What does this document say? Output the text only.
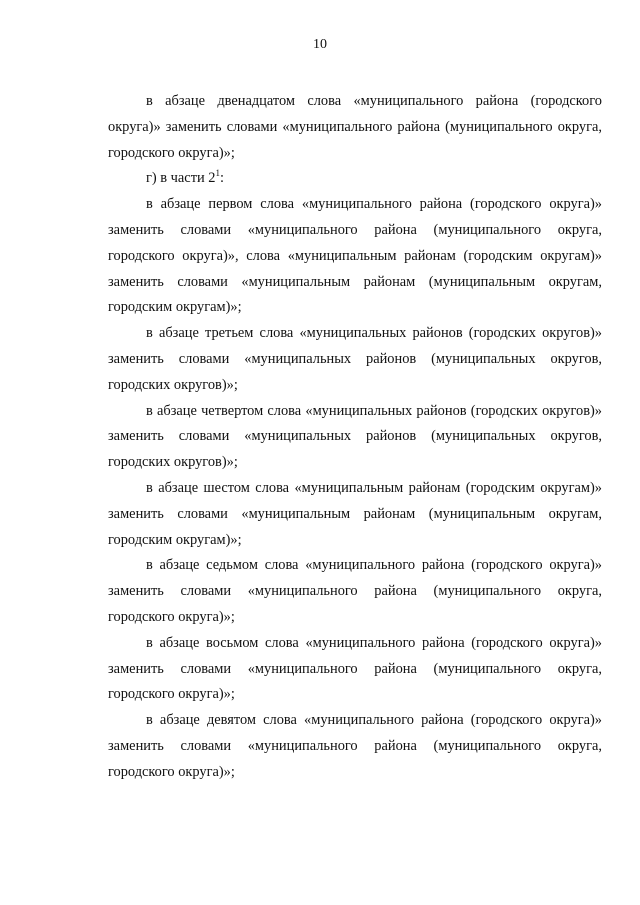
10

в абзаце двенадцатом слова «муниципального района (городского округа)» заменить словами «муниципального района (муниципального округа, городского округа)»;

г) в части $2^1$:

в абзаце первом слова «муниципального района (городского округа)» заменить словами «муниципального района (муниципального округа, городского округа)», слова «муниципальным районам (городским округам)» заменить словами «муниципальным районам (муниципальным округам, городским округам)»;

в абзаце третьем слова «муниципальных районов (городских округов)» заменить словами «муниципальных районов (муниципальных округов, городских округов)»;

в абзаце четвертом слова «муниципальных районов (городских округов)» заменить словами «муниципальных районов (муниципальных округов, городских округов)»;

в абзаце шестом слова «муниципальным районам (городским округам)» заменить словами «муниципальным районам (муниципальным округам, городским округам)»;

в абзаце седьмом слова «муниципального района (городского округа)» заменить словами «муниципального района (муниципального округа, городского округа)»;

в абзаце восьмом слова «муниципального района (городского округа)» заменить словами «муниципального района (муниципального округа, городского округа)»;

в абзаце девятом слова «муниципального района (городского округа)» заменить словами «муниципального района (муниципального округа, городского округа)»;
